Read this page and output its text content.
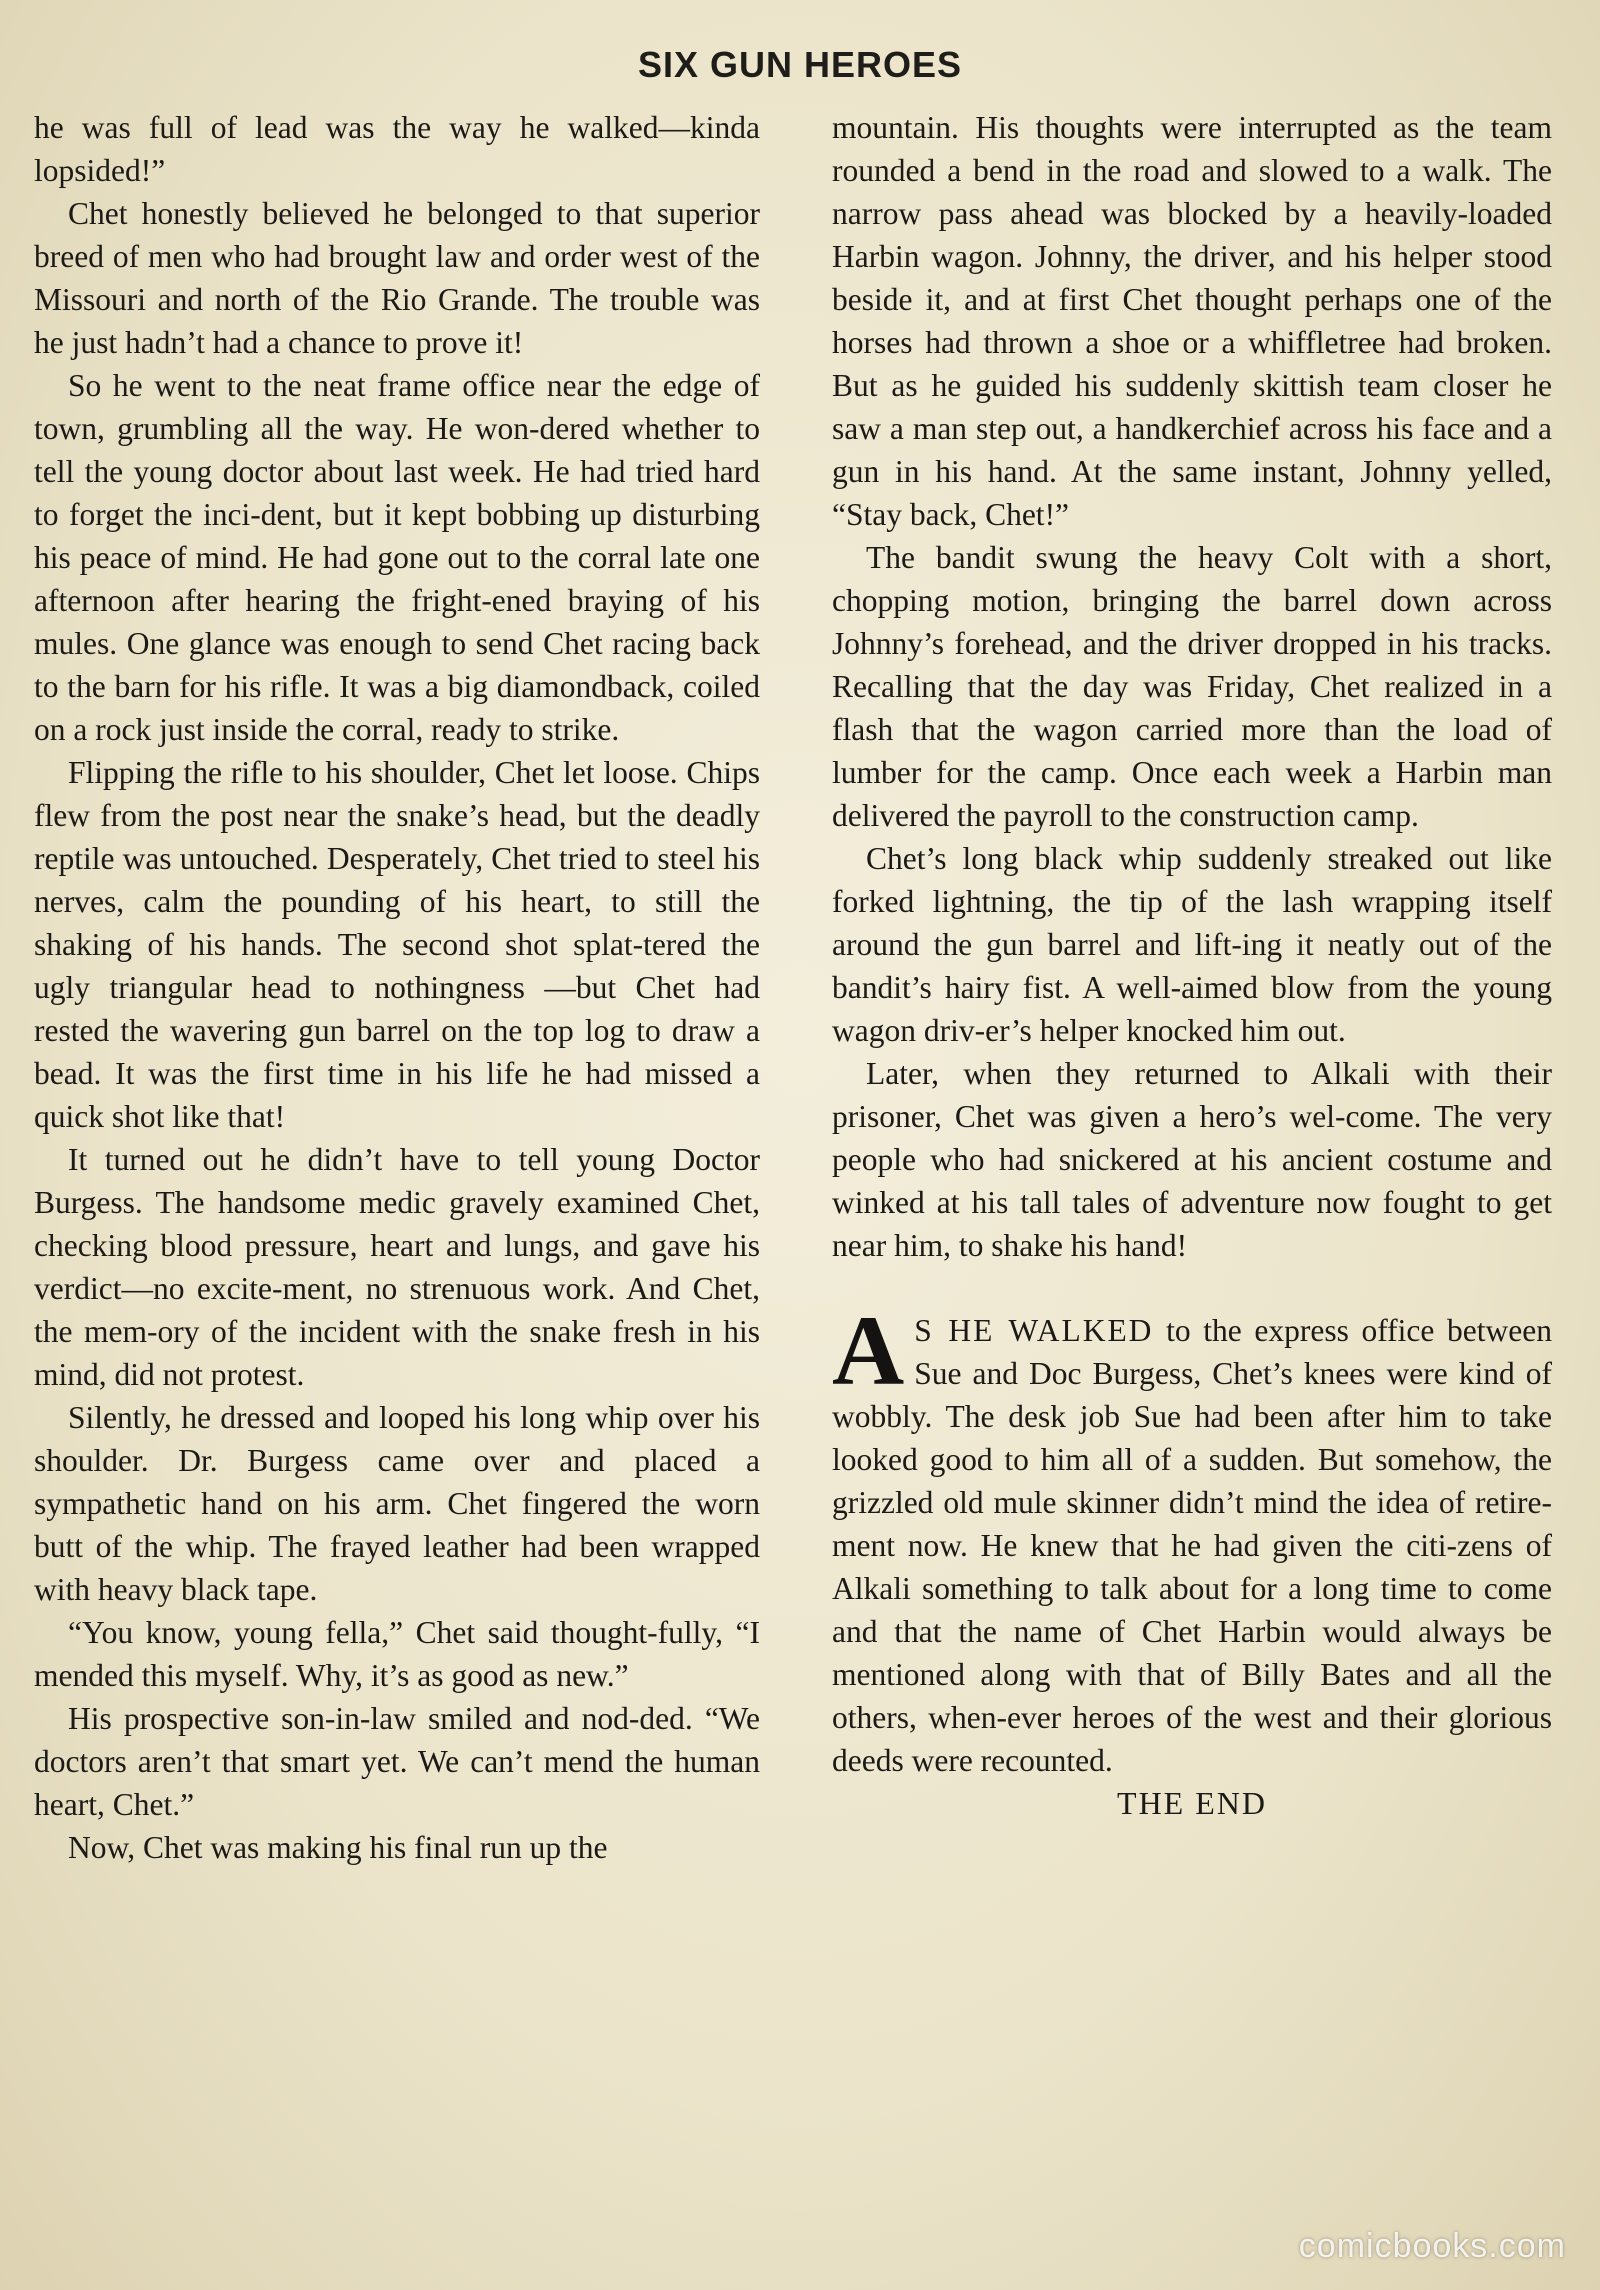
SIX GUN HEROES

he was full of lead was the way he walked—kinda lopsided!”

Chet honestly believed he belonged to that superior breed of men who had brought law and order west of the Missouri and north of the Rio Grande. The trouble was he just hadn’t had a chance to prove it!

So he went to the neat frame office near the edge of town, grumbling all the way. He won-dered whether to tell the young doctor about last week. He had tried hard to forget the inci-dent, but it kept bobbing up disturbing his peace of mind. He had gone out to the corral late one afternoon after hearing the fright-ened braying of his mules. One glance was enough to send Chet racing back to the barn for his rifle. It was a big diamondback, coiled on a rock just inside the corral, ready to strike.

Flipping the rifle to his shoulder, Chet let loose. Chips flew from the post near the snake’s head, but the deadly reptile was untouched. Desperately, Chet tried to steel his nerves, calm the pounding of his heart, to still the shaking of his hands. The second shot splat-tered the ugly triangular head to nothingness —but Chet had rested the wavering gun barrel on the top log to draw a bead. It was the first time in his life he had missed a quick shot like that!

It turned out he didn’t have to tell young Doctor Burgess. The handsome medic gravely examined Chet, checking blood pressure, heart and lungs, and gave his verdict—no excite-ment, no strenuous work. And Chet, the mem-ory of the incident with the snake fresh in his mind, did not protest.

Silently, he dressed and looped his long whip over his shoulder. Dr. Burgess came over and placed a sympathetic hand on his arm. Chet fingered the worn butt of the whip. The frayed leather had been wrapped with heavy black tape.

“You know, young fella,” Chet said thought-fully, “I mended this myself. Why, it’s as good as new.”

His prospective son-in-law smiled and nod-ded. “We doctors aren’t that smart yet. We can’t mend the human heart, Chet.”

Now, Chet was making his final run up the

mountain. His thoughts were interrupted as the team rounded a bend in the road and slowed to a walk. The narrow pass ahead was blocked by a heavily-loaded Harbin wagon. Johnny, the driver, and his helper stood beside it, and at first Chet thought perhaps one of the horses had thrown a shoe or a whiffletree had broken. But as he guided his suddenly skittish team closer he saw a man step out, a handkerchief across his face and a gun in his hand. At the same instant, Johnny yelled, “Stay back, Chet!”

The bandit swung the heavy Colt with a short, chopping motion, bringing the barrel down across Johnny’s forehead, and the driver dropped in his tracks. Recalling that the day was Friday, Chet realized in a flash that the wagon carried more than the load of lumber for the camp. Once each week a Harbin man delivered the payroll to the construction camp.

Chet’s long black whip suddenly streaked out like forked lightning, the tip of the lash wrapping itself around the gun barrel and lift-ing it neatly out of the bandit’s hairy fist. A well-aimed blow from the young wagon driv-er’s helper knocked him out.

Later, when they returned to Alkali with their prisoner, Chet was given a hero’s wel-come. The very people who had snickered at his ancient costume and winked at his tall tales of adventure now fought to get near him, to shake his hand!

A S HE WALKED to the express office between Sue and Doc Burgess, Chet’s knees were kind of wobbly. The desk job Sue had been after him to take looked good to him all of a sudden. But somehow, the grizzled old mule skinner didn’t mind the idea of retire-ment now. He knew that he had given the citi-zens of Alkali something to talk about for a long time to come and that the name of Chet Harbin would always be mentioned along with that of Billy Bates and all the others, when-ever heroes of the west and their glorious deeds were recounted.

THE END

comicbooks.com
